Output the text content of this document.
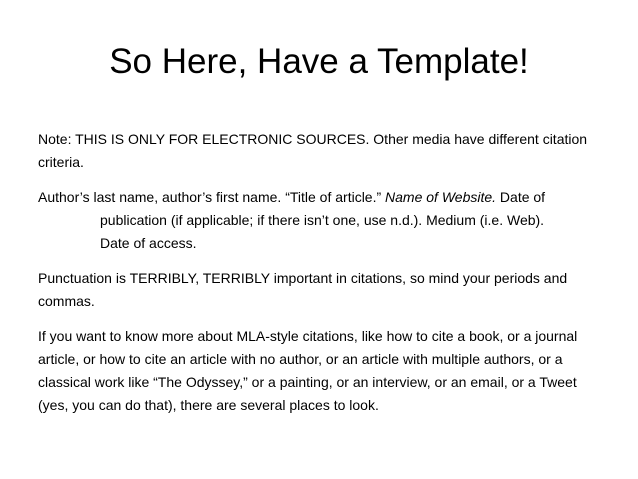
So Here, Have a Template!

Note: THIS IS ONLY FOR ELECTRONIC SOURCES. Other media have different citation criteria.

Author’s last name, author’s first name. “Title of article.” Name of Website. Date of

publication (if applicable; if there isn’t one, use n.d.). Medium (i.e. Web).

Date of access.

Punctuation is TERRIBLY, TERRIBLY important in citations, so mind your periods and commas.

If you want to know more about MLA-style citations, like how to cite a book, or a journal article, or how to cite an article with no author, or an article with multiple authors, or a classical work like “The Odyssey,” or a painting, or an interview, or an email, or a Tweet (yes, you can do that), there are several places to look.
